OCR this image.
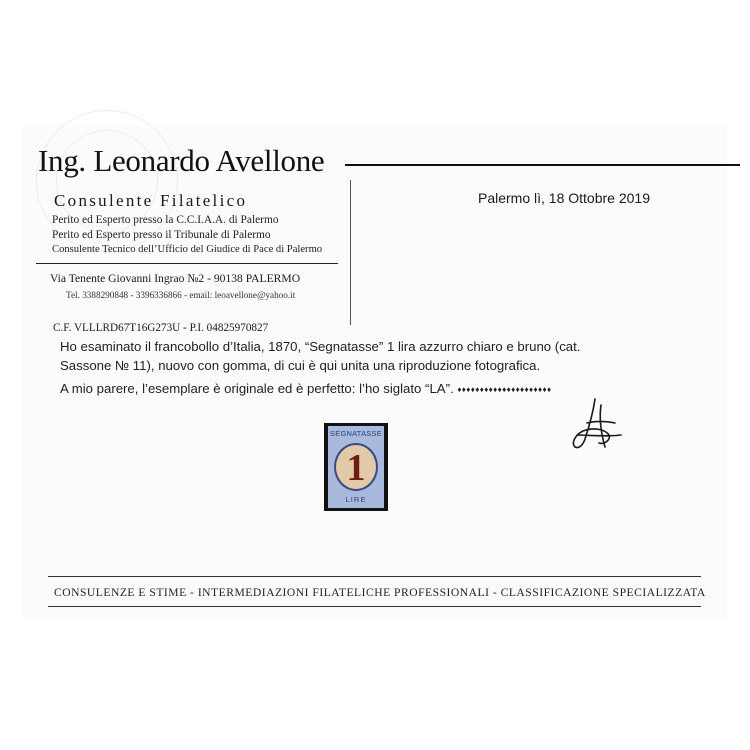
Ing. Leonardo Avellone
Consulente Filatelico
Perito ed Esperto presso la C.C.I.A.A. di Palermo
Perito ed Esperto presso il Tribunale di Palermo
Consulente Tecnico dell’Ufficio del Giudice di Pace di Palermo
Via Tenente Giovanni Ingrao №2 - 90138 PALERMO
Tel. 3388290848 - 3396336866 - email: leoavellone@yahoo.it
C.F. VLLLRD67T16G273U - P.I. 04825970827
Palermo lì, 18 Ottobre 2019
Ho esaminato il francobollo d’Italia, 1870, “Segnatasse” 1 lira azzurro chiaro e bruno (cat.
Sassone № 11), nuovo con gomma, di cui è qui unita una riproduzione fotografica.
A mio parere, l’esemplare è originale ed è perfetto: l’ho siglato “LA”. ♦♦♦♦♦♦♦♦♦♦♦♦♦♦♦♦♦♦♦♦♦
SEGNATASSE
1
LIRE
CONSULENZE E STIME - INTERMEDIAZIONI FILATELICHE PROFESSIONALI - CLASSIFICAZIONE SPECIALIZZATA
